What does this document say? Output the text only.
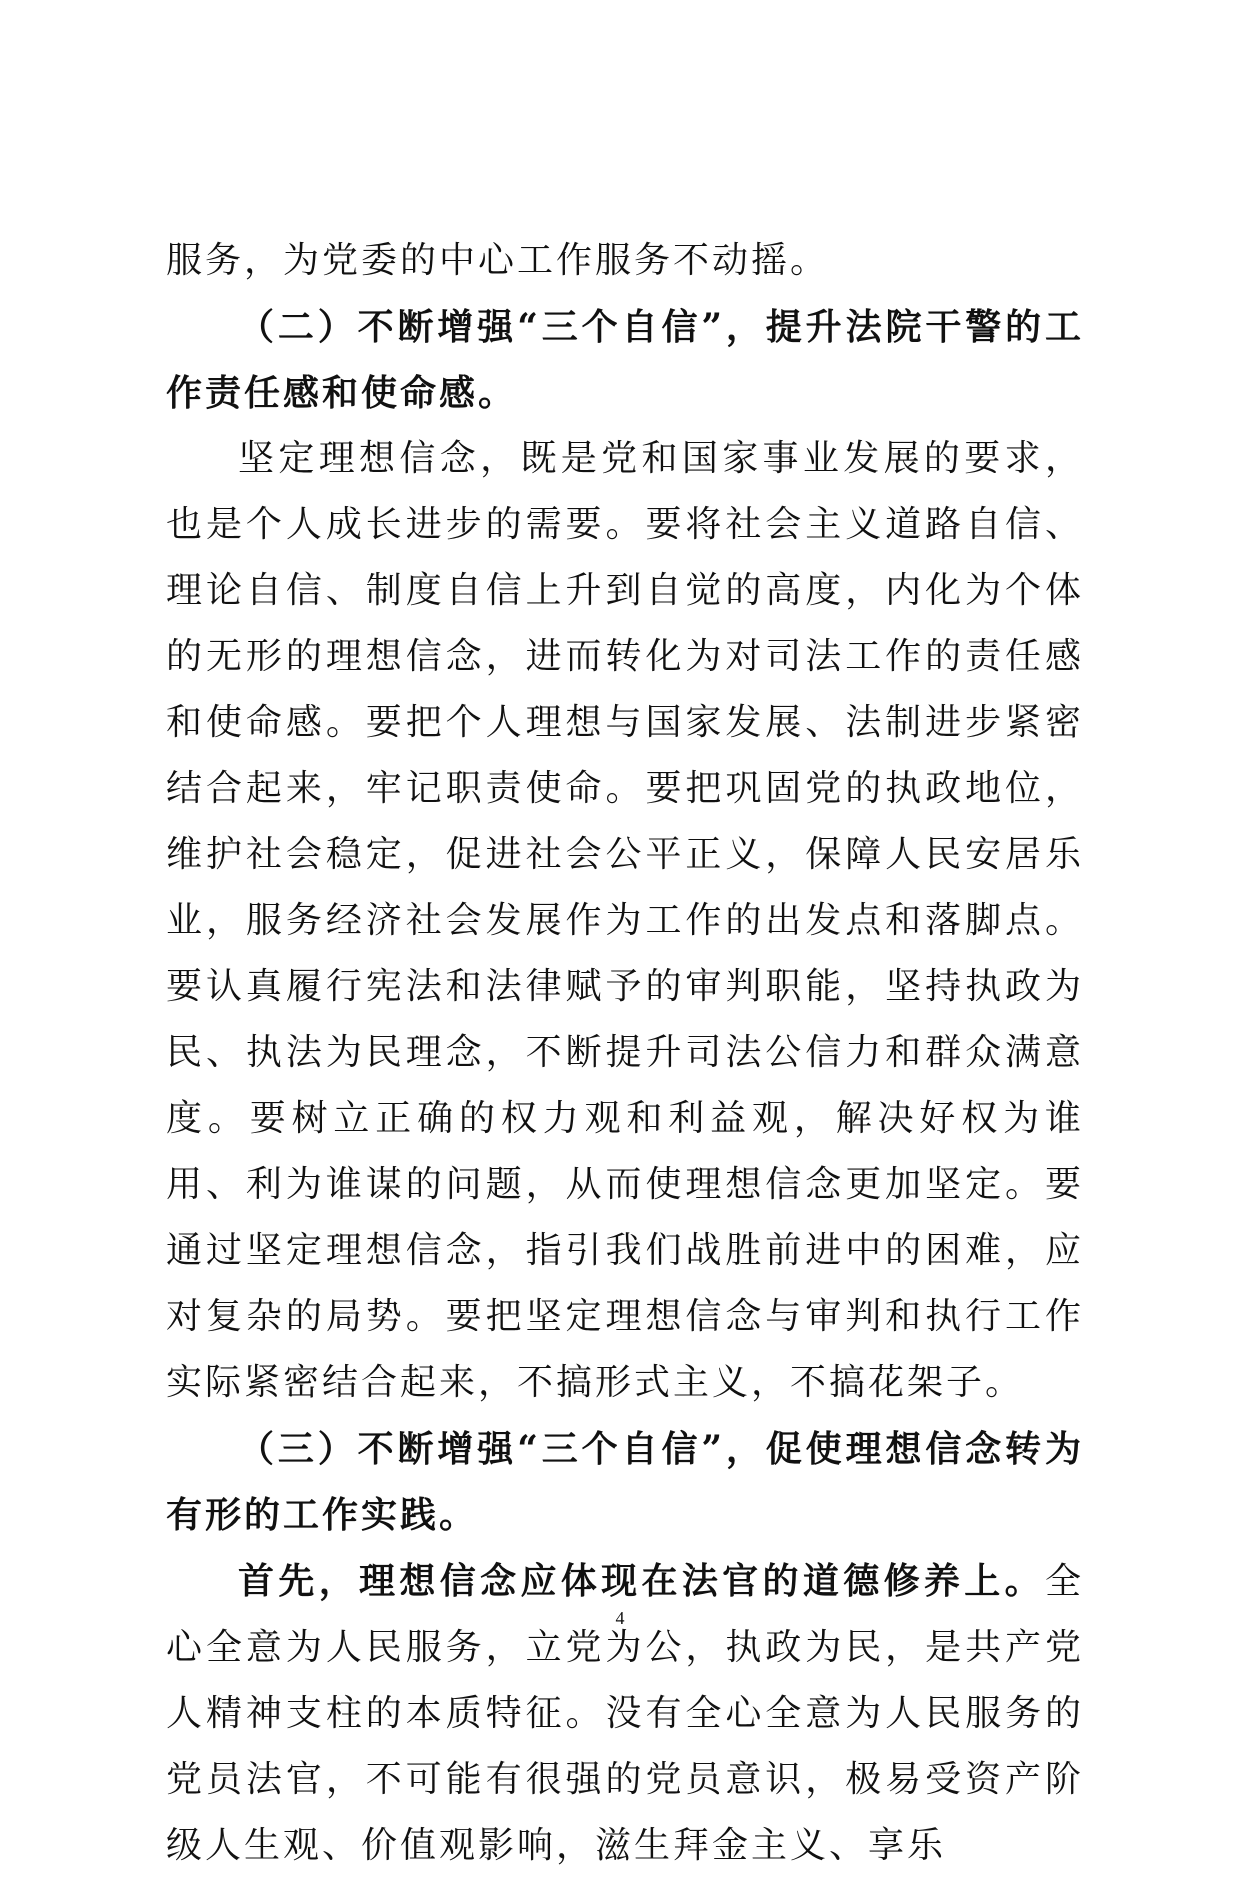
服务，为党委的中心工作服务不动摇。

（二）不断增强“三个自信”，提升法院干警的工作责任感和使命感。

坚定理想信念，既是党和国家事业发展的要求，也是个人成长进步的需要。要将社会主义道路自信、理论自信、制度自信上升到自觉的高度，内化为个体的无形的理想信念，进而转化为对司法工作的责任感和使命感。要把个人理想与国家发展、法制进步紧密结合起来，牢记职责使命。要把巩固党的执政地位，维护社会稳定，促进社会公平正义，保障人民安居乐业，服务经济社会发展作为工作的出发点和落脚点。要认真履行宪法和法律赋予的审判职能，坚持执政为民、执法为民理念，不断提升司法公信力和群众满意度。要树立正确的权力观和利益观，解决好权为谁用、利为谁谋的问题，从而使理想信念更加坚定。要通过坚定理想信念，指引我们战胜前进中的困难，应对复杂的局势。要把坚定理想信念与审判和执行工作实际紧密结合起来，不搞形式主义，不搞花架子。

（三）不断增强“三个自信”，促使理想信念转为有形的工作实践。

首先，理想信念应体现在法官的道德修养上。全心全意为人民服务，立党为公，执政为民，是共产党人精神支柱的本质特征。没有全心全意为人民服务的党员法官，不可能有很强的党员意识，极易受资产阶级人生观、价值观影响，滋生拜金主义、享乐

4
